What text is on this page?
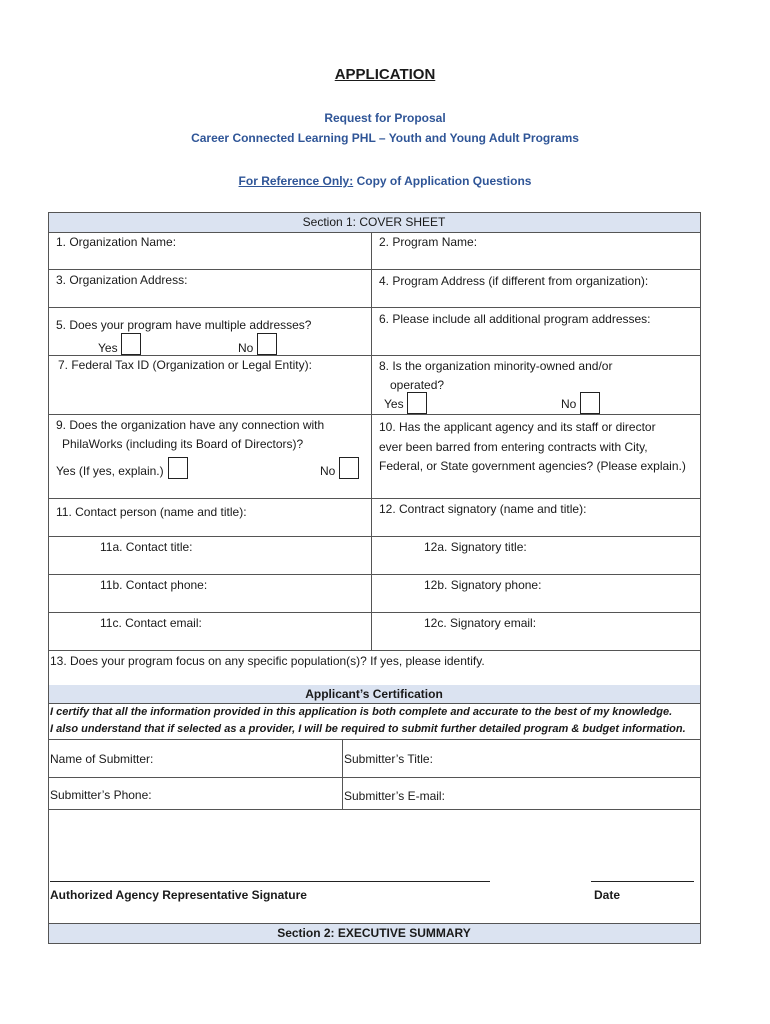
APPLICATION
Request for Proposal
Career Connected Learning PHL – Youth and Young Adult Programs
For Reference Only: Copy of Application Questions
Section 1: COVER SHEET
1. Organization Name:	2. Program Name:
3. Organization Address:	4. Program Address (if different from organization):
5. Does your program have multiple addresses?
Yes	No
6. Please include all additional program addresses:
7. Federal Tax ID (Organization or Legal Entity):	8. Is the organization minority-owned and/or
operated?
Yes	No
9. Does the organization have any connection with
PhilaWorks (including its Board of Directors)?
Yes (If yes, explain.)	No
10. Has the applicant agency and its staff or director
ever been barred from entering contracts with City,
Federal, or State government agencies? (Please explain.)
11. Contact person (name and title):	12. Contract signatory (name and title):
11a. Contact title:	12a. Signatory title:
11b. Contact phone:	12b. Signatory phone:
11c. Contact email:	12c. Signatory email:
13. Does your program focus on any specific population(s)? If yes, please identify.
Applicant’s Certification
I certify that all the information provided in this application is both complete and accurate to the best of my knowledge.
I also understand that if selected as a provider, I will be required to submit further detailed program & budget information.
Name of Submitter:	Submitter’s Title:
Submitter’s Phone:	Submitter’s E-mail:
Authorized Agency Representative Signature	Date
Section 2: EXECUTIVE SUMMARY
